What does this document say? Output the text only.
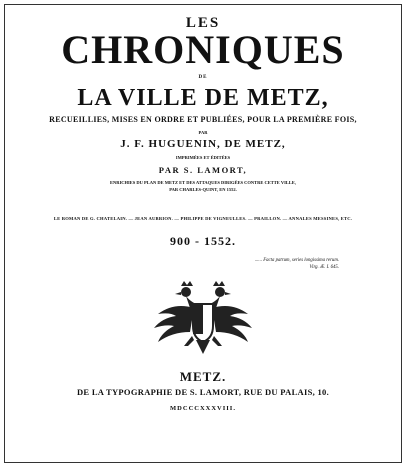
LES
CHRONIQUES
DE
LA VILLE DE METZ,
RECUEILLIES, MISES EN ORDRE ET PUBLIÉES, POUR LA PREMIÈRE FOIS,
PAR
J. F. HUGUENIN, DE METZ,
IMPRIMÉES ET ÉDITÉES
PAR S. LAMORT,
ENRICHIES DU PLAN DE METZ ET DES ATTAQUES DIRIGÉES CONTRE CETTE VILLE,
PAR CHARLES-QUINT, EN 1552.
LE ROMAN DE G. CHATELAIN. — JEAN AUBRION. — PHILIPPE DE VIGNEULLES. — PRAILLON. — ANNALES MESSINES, ETC.
900 - 1552.
...... Facta patrum, series longissima rerum.
Virg. Æ. I. 645.
METZ.
DE LA TYPOGRAPHIE DE S. LAMORT, RUE DU PALAIS, 10.
MDCCCXXXVIII.
